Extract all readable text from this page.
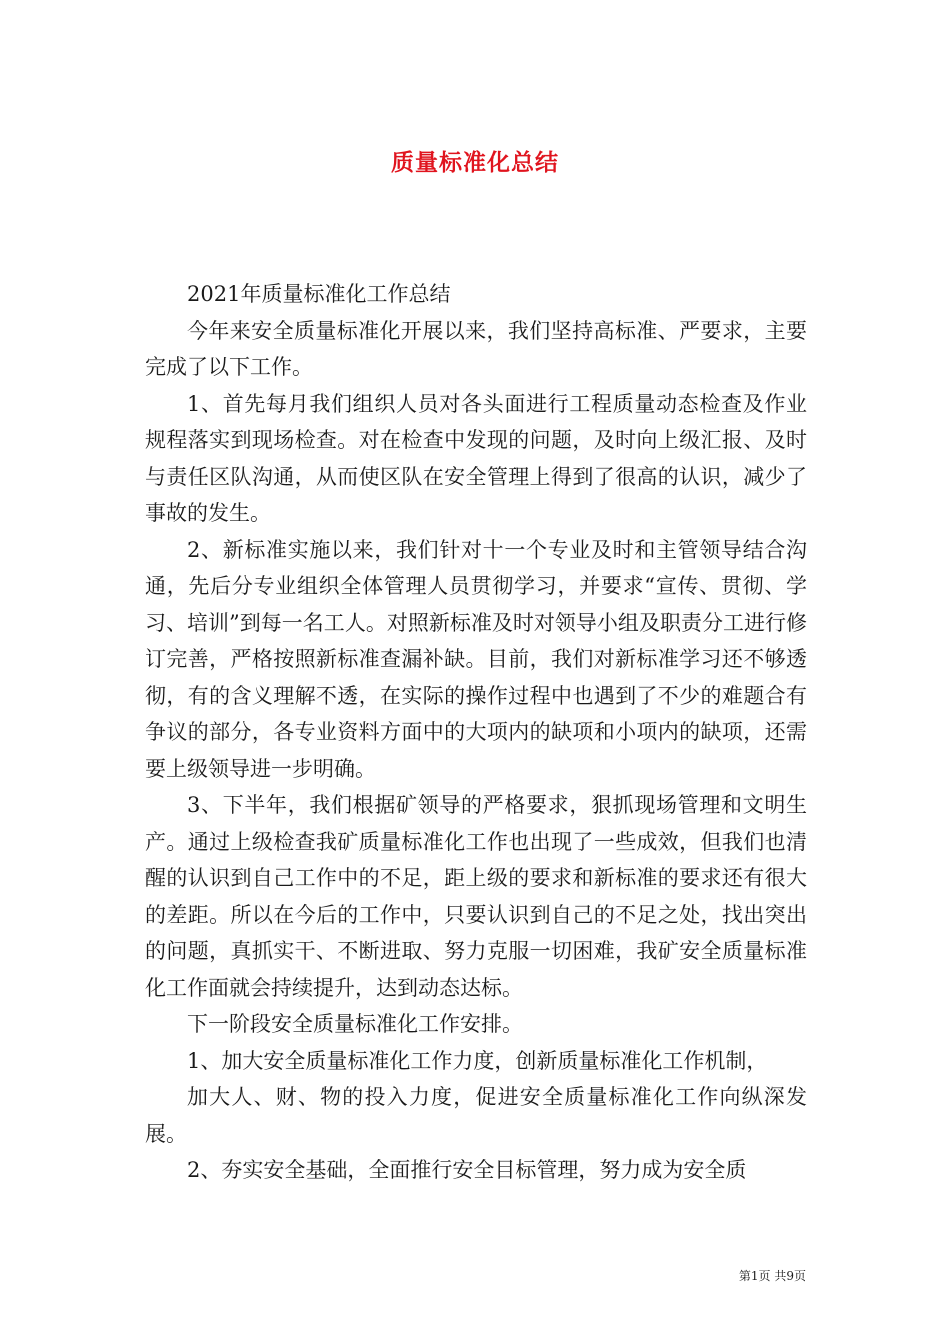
质量标准化总结

2021年质量标准化工作总结

今年来安全质量标准化开展以来，我们坚持高标准、严要求，主要完成了以下工作。

1、首先每月我们组织人员对各头面进行工程质量动态检查及作业规程落实到现场检查。对在检查中发现的问题，及时向上级汇报、及时与责任区队沟通，从而使区队在安全管理上得到了很高的认识，减少了事故的发生。

2、新标准实施以来，我们针对十一个专业及时和主管领导结合沟通，先后分专业组织全体管理人员贯彻学习，并要求“宣传、贯彻、学习、培训”到每一名工人。对照新标准及时对领导小组及职责分工进行修订完善，严格按照新标准查漏补缺。目前，我们对新标准学习还不够透彻，有的含义理解不透，在实际的操作过程中也遇到了不少的难题合有争议的部分，各专业资料方面中的大项内的缺项和小项内的缺项，还需要上级领导进一步明确。

3、下半年，我们根据矿领导的严格要求，狠抓现场管理和文明生产。通过上级检查我矿质量标准化工作也出现了一些成效，但我们也清醒的认识到自己工作中的不足，距上级的要求和新标准的要求还有很大的差距。所以在今后的工作中，只要认识到自己的不足之处，找出突出的问题，真抓实干、不断进取、努力克服一切困难，我矿安全质量标准化工作面就会持续提升，达到动态达标。

下一阶段安全质量标准化工作安排。

1、加大安全质量标准化工作力度，创新质量标准化工作机制，

加大人、财、物的投入力度，促进安全质量标准化工作向纵深发展。

2、夯实安全基础，全面推行安全目标管理，努力成为安全质

第1页 共9页
